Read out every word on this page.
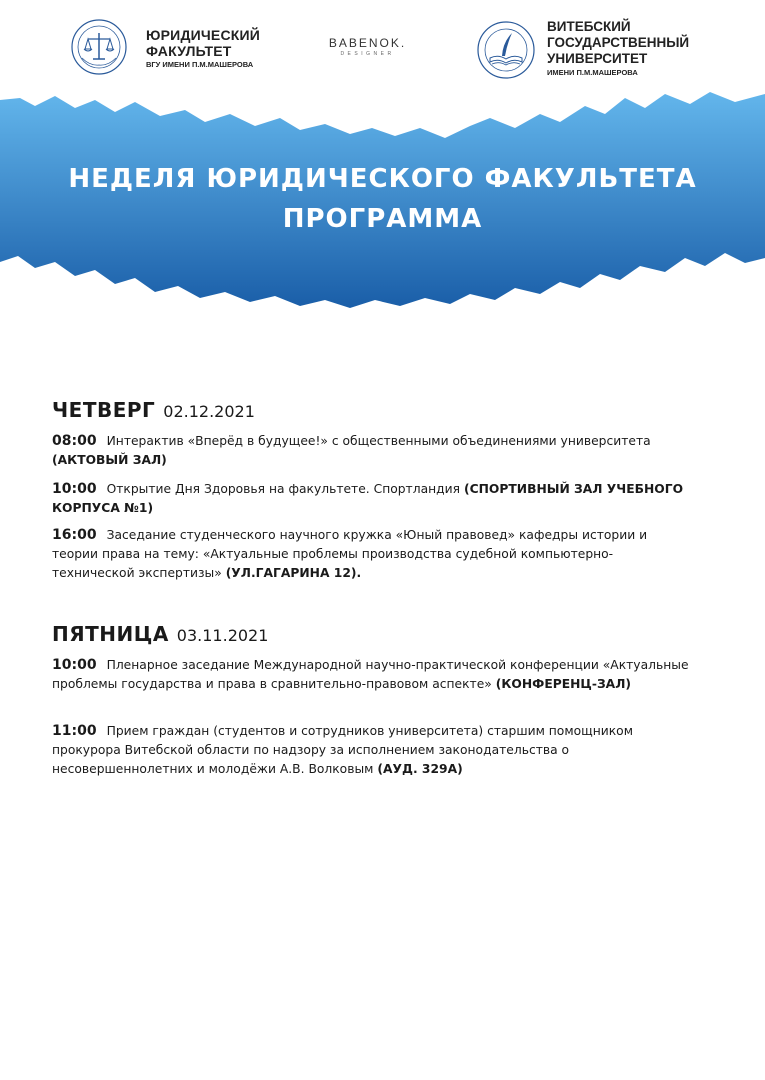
ЮРИДИЧЕСКИЙ
ФАКУЛЬТЕТ
ВГУ ИМЕНИ П.М.МАШЕРОВА
BABENOK.
DESIGNER
ВИТЕБСКИЙ
ГОСУДАРСТВЕННЫЙ
УНИВЕРСИТЕТ
ИМЕНИ П.М.МАШЕРОВА
НЕДЕЛЯ ЮРИДИЧЕСКОГО ФАКУЛЬТЕТА
ПРОГРАММА
ЧЕТВЕРГ 02.12.2021
08:00 Интерактив «Вперёд в будущее!» с общественными объединениями университета (АКТОВЫЙ ЗАЛ)
10:00 Открытие Дня Здоровья на факультете. Спортландия (СПОРТИВНЫЙ ЗАЛ УЧЕБНОГО КОРПУСА №1)
16:00 Заседание студенческого научного кружка «Юный правовед» кафедры истории и теории права на тему: «Актуальные проблемы производства судебной компьютерно-технической экспертизы» (УЛ.ГАГАРИНА 12).
ПЯТНИЦА 03.11.2021
10:00 Пленарное заседание Международной научно-практической конференции «Актуальные проблемы государства и права в сравнительно-правовом аспекте» (КОНФЕРЕНЦ-ЗАЛ)
11:00 Прием граждан (студентов и сотрудников университета) старшим помощником прокурора Витебской области по надзору за исполнением законодательства о несовершеннолетних и молодёжи А.В. Волковым (АУД. 329А)
